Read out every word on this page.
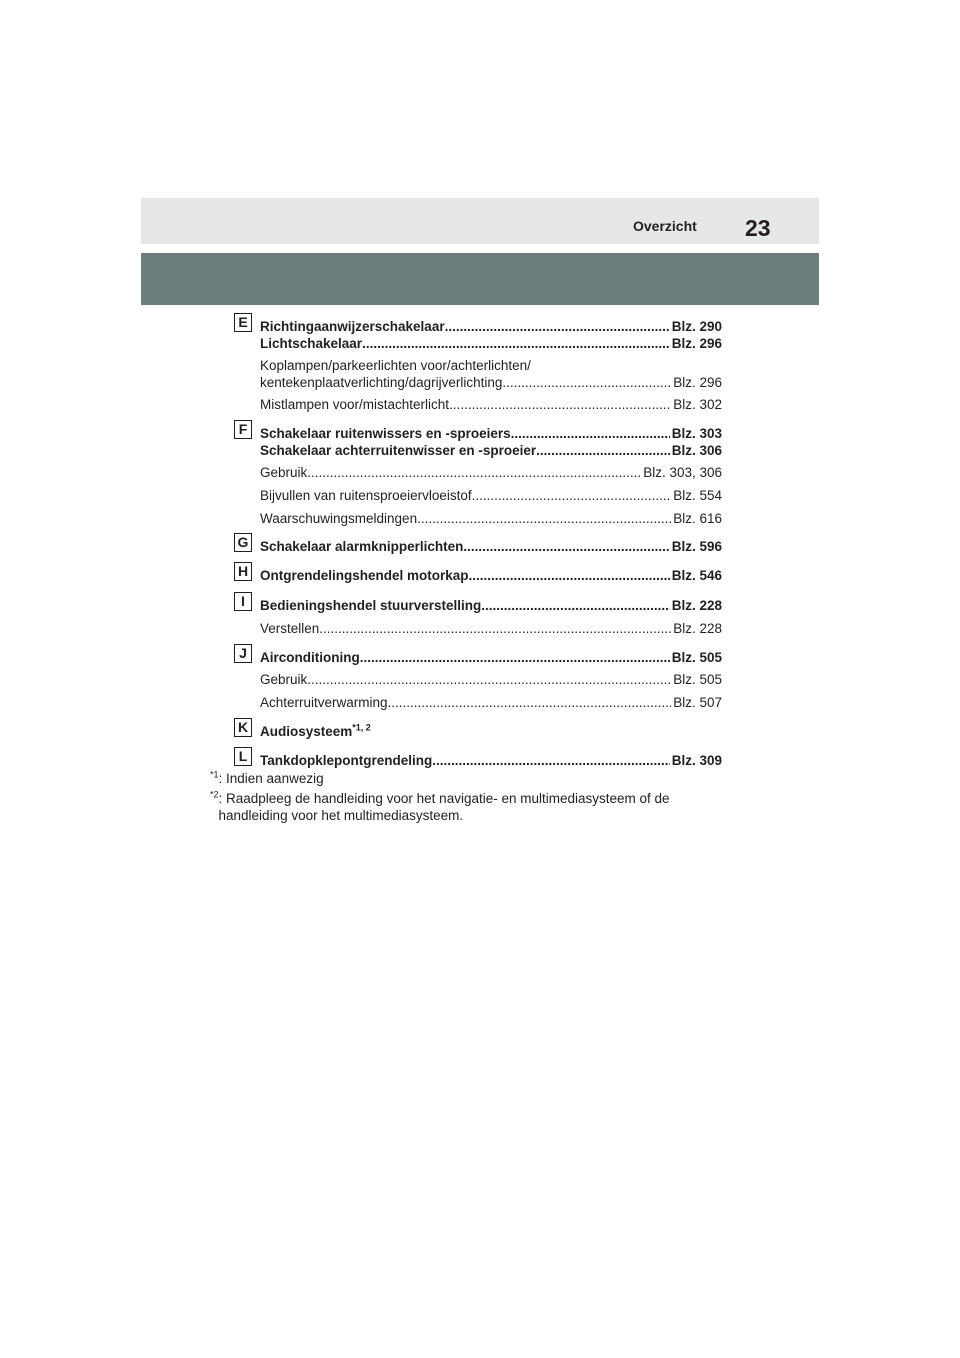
Overzicht 23
E Richtingaanwijzerschakelaar .....	Blz. 290
Lichtschakelaar .....	Blz. 296
Koplampen/parkeerlichten voor/achterlichten/
kentekenplaatverlichting/dagrijverlichting .....	Blz. 296
Mistlampen voor/mistachterlicht .....	Blz. 302
F Schakelaar ruitenwissers en -sproeiers .....	Blz. 303
Schakelaar achterruitenwisser en -sproeier .....	Blz. 306
Gebruik .....	Blz. 303, 306
Bijvullen van ruitensproeiervloeistof .....	Blz. 554
Waarschuwingsmeldingen .....	Blz. 616
G Schakelaar alarmknipperlichten .....	Blz. 596
H Ontgrendelingshendel motorkap .....	Blz. 546
I	Bedieningshendel stuurverstelling .....	Blz. 228
Verstellen .....	Blz. 228
J Airconditioning .....	Blz. 505
Gebruik .....	Blz. 505
Achterruitverwarming .....	Blz. 507
K Audiosysteem$^{*1, 2}$
L Tankdopklepontgrendeling .....	Blz. 309
$^{*1}$ : Indien aanwezig
$^{*2}$ : Raadpleeg de handleiding voor het navigatie- en multimediasysteem of de handleiding voor het multimediasysteem.
